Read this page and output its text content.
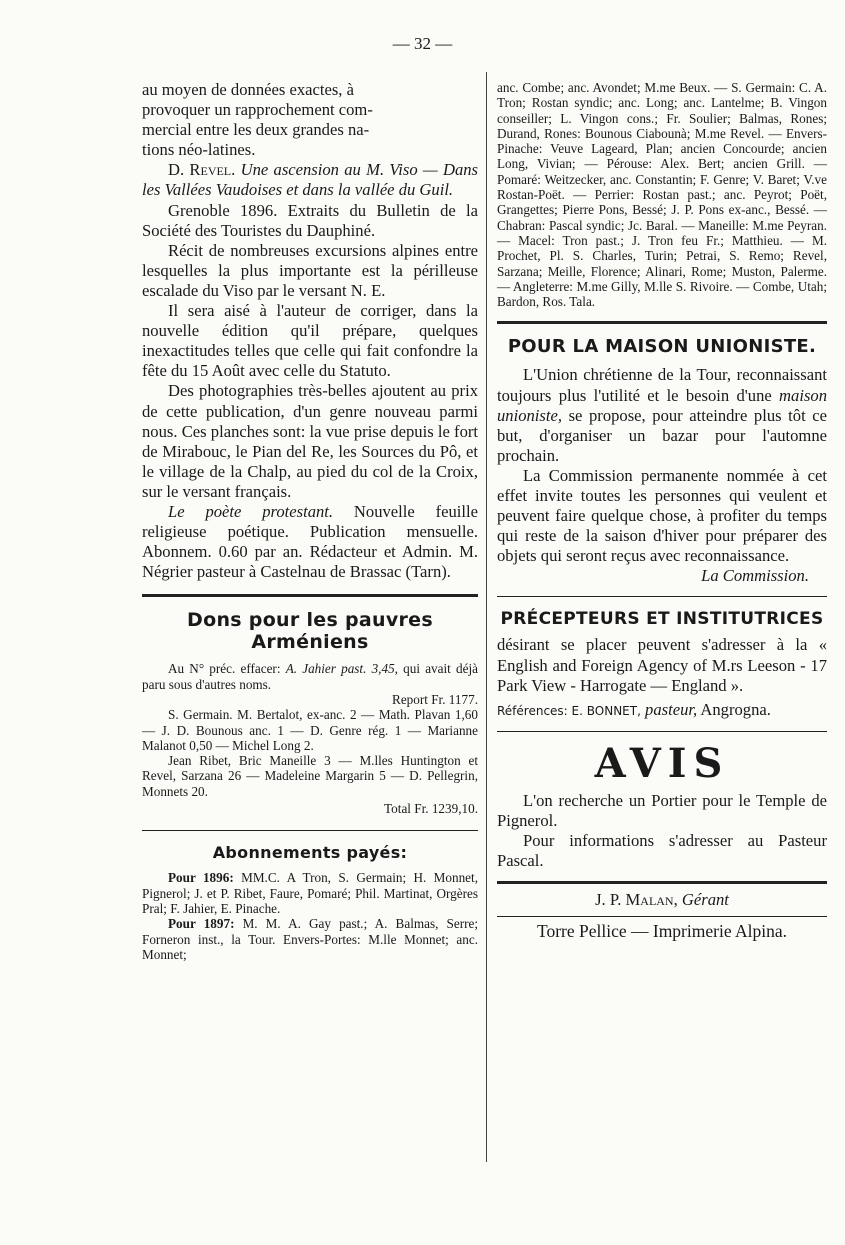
— 32 —

au moyen de données exactes, à

provoquer un rapprochement com-

mercial entre les deux grandes na-

tions néo-latines.

D. Revel. Une ascension au M. Viso — Dans les Vallées Vaudoises et dans la vallée du Guil.

Grenoble 1896. Extraits du Bulletin de la Société des Touristes du Dauphiné.

Récit de nombreuses excursions alpines entre lesquelles la plus importante est la périlleuse escalade du Viso par le versant N. E.

Il sera aisé à l'auteur de corriger, dans la nouvelle édition qu'il prépare, quelques inexactitudes telles que celle qui fait confondre la fête du 15 Août avec celle du Statuto.

Des photographies très-belles ajoutent au prix de cette publication, d'un genre nouveau parmi nous. Ces planches sont: la vue prise depuis le fort de Mirabouc, le Pian del Re, les Sources du Pô, et le village de la Chalp, au pied du col de la Croix, sur le versant français.

Le poète protestant. Nouvelle feuille religieuse poétique. Publication mensuelle. Abonnem. 0.60 par an. Rédacteur et Admin. M. Négrier pasteur à Castelnau de Brassac (Tarn).

Dons pour les pauvres Arméniens

Au N° préc. effacer: A. Jahier past. 3,45, qui avait déjà paru sous d'autres noms.

Report Fr. 1177.

S. Germain. M. Bertalot, ex-anc. 2 — Math. Plavan 1,60 — J. D. Bounous anc. 1 — D. Genre rég. 1 — Marianne Malanot 0,50 — Michel Long 2.

Jean Ribet, Bric Maneille 3 — M.lles Huntington et Revel, Sarzana 26 — Madeleine Margarin 5 — D. Pellegrin, Monnets 20.

Total Fr. 1239,10.

Abonnements payés:

Pour 1896: MM.C. A Tron, S. Germain; H. Monnet, Pignerol; J. et P. Ribet, Faure, Pomaré; Phil. Martinat, Orgères Pral; F. Jahier, E. Pinache.

Pour 1897: M. M. A. Gay past.; A. Balmas, Serre; Forneron inst., la Tour. Envers-Portes: M.lle Monnet; anc. Monnet;

anc. Combe; anc. Avondet; M.me Beux. — S. Germain: C. A. Tron; Rostan syndic; anc. Long; anc. Lantelme; B. Vingon conseiller; L. Vingon cons.; Fr. Soulier; Balmas, Rones; Durand, Rones: Bounous Ciabounà; M.me Revel. — Envers-Pinache: Veuve Lageard, Plan; ancien Concourde; ancien Long, Vivian; — Pérouse: Alex. Bert; ancien Grill. — Pomaré: Weitzecker, anc. Constantin; F. Genre; V. Baret; V.ve Rostan-Poët. — Perrier: Rostan past.; anc. Peyrot; Poët, Grangettes; Pierre Pons, Bessé; J. P. Pons ex-anc., Bessé. — Chabran: Pascal syndic; Jc. Baral. — Maneille: M.me Peyran. — Macel: Tron past.; J. Tron feu Fr.; Matthieu. — M. Prochet, Pl. S. Charles, Turin; Petrai, S. Remo; Revel, Sarzana; Meille, Florence; Alinari, Rome; Muston, Palerme. — Angleterre: M.me Gilly, M.lle S. Rivoire. — Combe, Utah; Bardon, Ros. Tala.

POUR LA MAISON UNIONISTE.

L'Union chrétienne de la Tour, reconnaissant toujours plus l'utilité et le besoin d'une maison unioniste, se propose, pour atteindre plus tôt ce but, d'organiser un bazar pour l'automne prochain.

La Commission permanente nommée à cet effet invite toutes les personnes qui veulent et peuvent faire quelque chose, à profiter du temps qui reste de la saison d'hiver pour préparer des objets qui seront reçus avec reconnaissance.

La Commission.

PRÉCEPTEURS ET INSTITUTRICES

désirant se placer peuvent s'adresser à la « English and Foreign Agency of M.rs Leeson - 17 Park View - Harrogate — England ».

Références: E. BONNET, pasteur, Angrogna.

AVIS

L'on recherche un Portier pour le Temple de Pignerol.

Pour informations s'adresser au Pasteur Pascal.

J. P. Malan, Gérant

Torre Pellice — Imprimerie Alpina.
